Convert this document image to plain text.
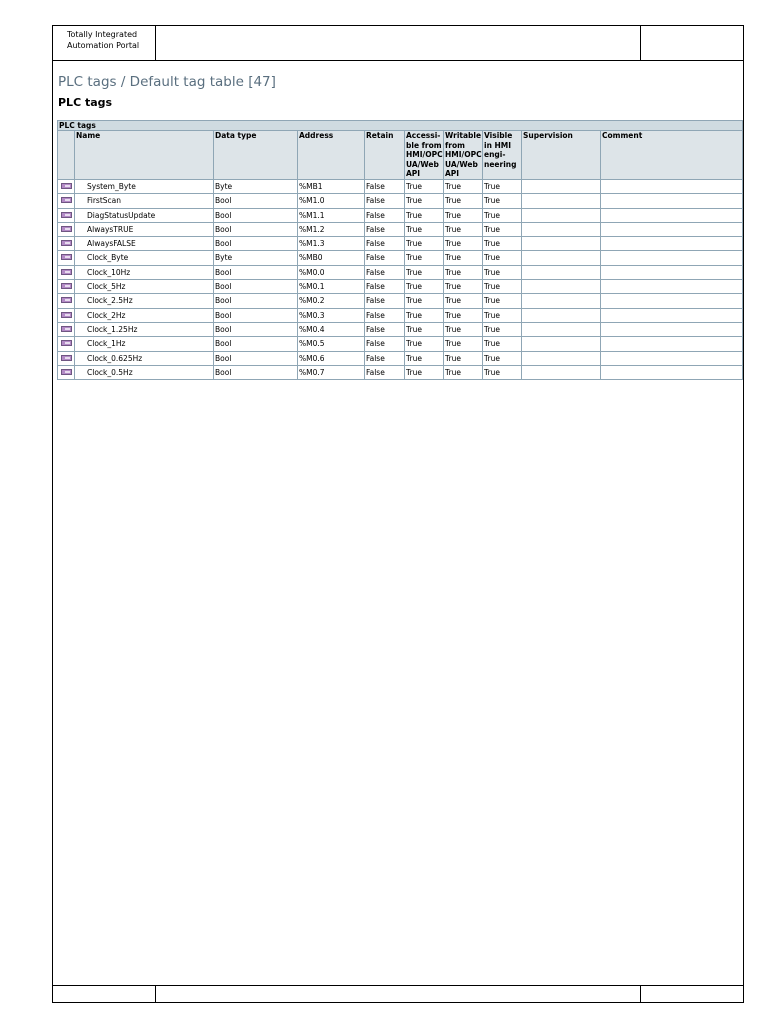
Totally Integrated
Automation Portal
PLC tags / Default tag table [47]
PLC tags
PLC tags									
	Name	Data type	Address	Retain	Accessi-ble from HMI/OPC UA/Web API	Writable from HMI/OPC UA/Web API	Visible in HMI engi-neering	Supervision	Comment
	System_Byte	Byte	%MB1	False	True	True	True		
	FirstScan	Bool	%M1.0	False	True	True	True		
	DiagStatusUpdate	Bool	%M1.1	False	True	True	True		
	AlwaysTRUE	Bool	%M1.2	False	True	True	True		
	AlwaysFALSE	Bool	%M1.3	False	True	True	True		
	Clock_Byte	Byte	%MB0	False	True	True	True		
	Clock_10Hz	Bool	%M0.0	False	True	True	True		
	Clock_5Hz	Bool	%M0.1	False	True	True	True		
	Clock_2.5Hz	Bool	%M0.2	False	True	True	True		
	Clock_2Hz	Bool	%M0.3	False	True	True	True		
	Clock_1.25Hz	Bool	%M0.4	False	True	True	True		
	Clock_1Hz	Bool	%M0.5	False	True	True	True		
	Clock_0.625Hz	Bool	%M0.6	False	True	True	True		
	Clock_0.5Hz	Bool	%M0.7	False	True	True	True		
